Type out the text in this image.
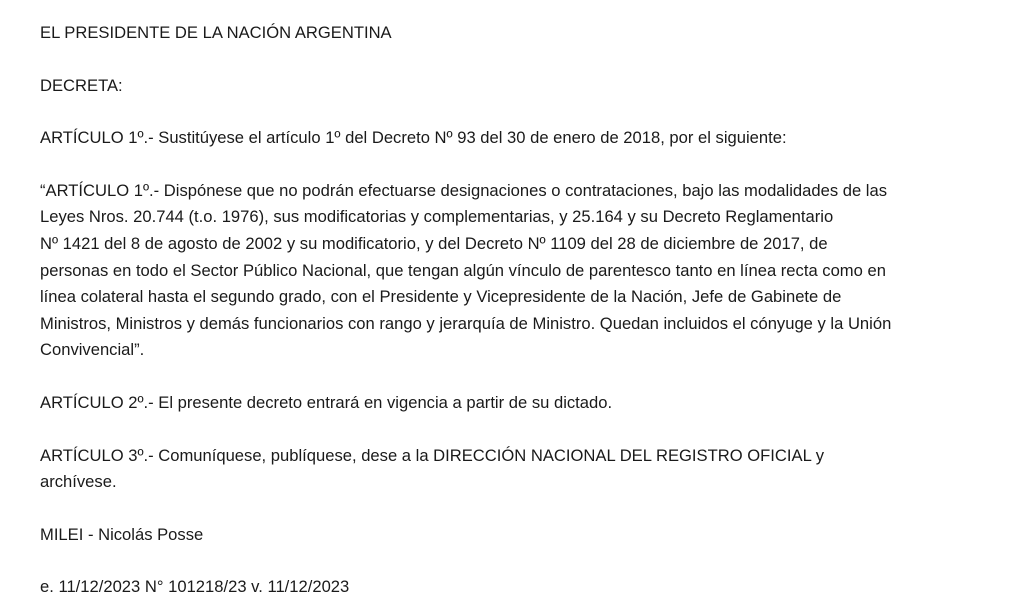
EL PRESIDENTE DE LA NACIÓN ARGENTINA

DECRETA:

ARTÍCULO 1º.- Sustitúyese el artículo 1º del Decreto Nº 93 del 30 de enero de 2018, por el siguiente:

“ARTÍCULO 1º.- Dispónese que no podrán efectuarse designaciones o contrataciones, bajo las modalidades de las
Leyes Nros. 20.744 (t.o. 1976), sus modificatorias y complementarias, y 25.164 y su Decreto Reglamentario
Nº 1421 del 8 de agosto de 2002 y su modificatorio, y del Decreto Nº 1109 del 28 de diciembre de 2017, de
personas en todo el Sector Público Nacional, que tengan algún vínculo de parentesco tanto en línea recta como en
línea colateral hasta el segundo grado, con el Presidente y Vicepresidente de la Nación, Jefe de Gabinete de
Ministros, Ministros y demás funcionarios con rango y jerarquía de Ministro. Quedan incluidos el cónyuge y la Unión
Convivencial”.

ARTÍCULO 2º.- El presente decreto entrará en vigencia a partir de su dictado.

ARTÍCULO 3º.- Comuníquese, publíquese, dese a la DIRECCIÓN NACIONAL DEL REGISTRO OFICIAL y
archívese.

MILEI - Nicolás Posse

e. 11/12/2023 N° 101218/23 v. 11/12/2023
